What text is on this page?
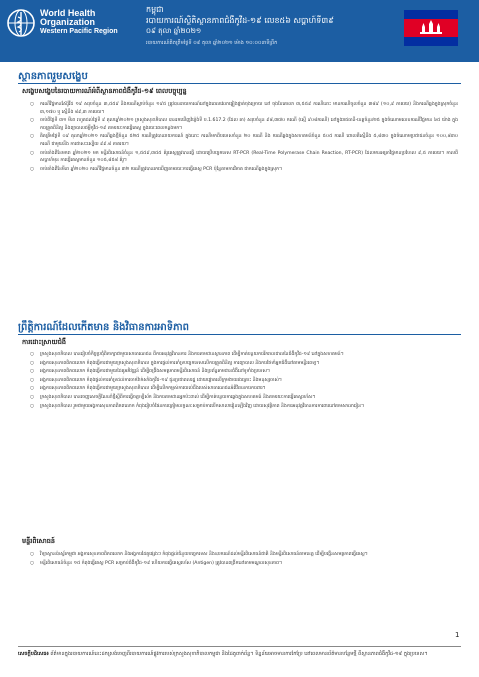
World Health
Organization
Western Pacific Region
កម្ពុជា
របាយការណ៍ស្ថិតិស្ថានភាពជំងឺកូវីដ-១៩ លេខ៥៦ សប្តាហ៍ទី៣៩
០៩ តុលា ឆ្នាំ២០២១
របាយការណ៍គិតត្រឹមថ្ងៃទី ០៩ តុលា ឆ្នាំ២០២១ ម៉ោង ១០:០០នាទីព្រឹក
ស្ថានភាពរួមសង្ខេប
សង្ខេបសង្ខេបនៃរបាយការណ៍អំពីស្ថានភាពជំងឺកូវីដ-១៩ ពេលបច្ចុប្បន្ន
○ ករណីវិជ្ជមានស៊ែរ៉ូវីដ ១៩ សរុបចំនួន ៣,៥៥៩ និងករណីស្លាប់ចំនួន ១៩៥ ត្រូវបានរាយការណ៍នៅក្នុងពេលវេលាផ្ទៀងផ្ទាត់ចុងក្រោយ នៅ ចុងខែតោលា ៣,៥៥៩ ករណីនោះ មានករណីចូលចំនួន ៣៨៩ (១០,៩ ភាគរយ) និងករណីឆ្លងក្នុងស្រុកចំនួន ៣,១៧០ ឬ ស្មើនឹង ៨៩,៣ ភាគរយ។
○ ចាប់ពីថ្ងៃទី ៣១ មីនា រហូតដល់ថ្ងៃទី ៩ តុលាឆ្នាំ២០២១ ក្រសួងសុខាភិបាល បានរកឃើញវ៉ារ្យ៉ង់ទី ប.1.617.2 (ដែល តា) សរុបចំនួន ៩៨,៣៧០ ករណី (ស្មើ ៩០៨ករណី) នៅក្នុងរាជធានី-ខេត្តចំនួន២៥ ក្នុងចំណោមលេខករណីវិជ្ជមាន ៦៥ យ៉ាង ក្នុង ការត្រួតពិនិត្យ និងព្យាបាលជម្ងឺកូវីដ-១៩ តាមរយៈការធ្វើតេស្ត ក្នុងរយៈពេលកន្លងមក។
○ គិតត្រឹមថ្ងៃទី ០៩ តុលាឆ្នាំ២០២១ ករណីឆ្លងថ្មីចំនួន ៥២៥ ករណីត្រូវបានរាយការណ៍ ក្នុងនោះ ករណីមកពីបរទេសចំនួន ២០ ករណី និង ករណីឆ្លងក្នុងសហគមន៍ចំនួន ៥០៥ ករណី ពោលគឺស្មើនឹង ៥,៨៣០ ក្នុងចំណោមប្រជាជនចំនួន ១០០,៨៣០ ករណី ជាមួយនឹង ការជាសះស្បើយ ៩៩.៨ ភាគរយ។
○ ចាប់តាំងពីខែមករា ឆ្នាំ២០២១ មក មន្ទីរពិសោធន៍ចំនួន ១,៥៥៩,៣៥៥ គំរូតេស្តត្រូវបានធ្វើ ដោយប្រើបច្ចេកទេស RT-PCR (Real-Time Polymerase Chain Reaction, RT-PCR) ដែលមានអត្រាវិជ្ជមានប្រហែល ៩,៥ ភាគរយ។ កាលពីសប្តាហ៍មុន ការធ្វើតេស្តមានចំនួន ១០៥,៨៥៨ គំរូ។
○ ចាប់តាំងពីខែមីនា ឆ្នាំ២០២០ ករណីវិជ្ជមានចំនួន ៣២ ករណីត្រូវបានរកឃើញតាមរយៈការធ្វើតេស្ត PCR ប៉ុន្តែតាមការវិភាគ ជាករណីឆ្លងក្នុងស្រុក។
ព្រឹត្តិការណ៍ដែលកើតមាន និងវិធានការអាទិភាព
ការដោះស្រាយជំងឺ
○ ក្រសួងសុខាភិបាល បានរៀបចំកិច្ចប្រជុំពិភាក្សាជាមួយសាធារណជន ពីការអនុវត្តវិធានការ និងការតាមដានស្ថានភាព ដើម្បីកាត់បន្ថយការរីករាលដាលនៃជំងឺកូវីដ-១៩ នៅក្នុងសហគមន៍។
○ អង្គការសុខភាពពិភពលោក កំពុងធ្វើការជាមួយក្រសួងសុខាភិបាល ក្នុងការផ្តល់ការគាំទ្របច្ចេកទេសលើការត្រួតពិនិត្យ ការព្យាបាល និងការថែទាំអ្នកជំងឺនៅតាមមន្ទីរពេទ្យ។
○ អង្គការសុខភាពពិភពលោក កំពុងធ្វើការជាមួយដៃគូអភិវឌ្ឍន៍ ដើម្បីពង្រឹងសមត្ថភាពមន្ទីរពិសោធន៍ និងប្រព័ន្ធតាមដានជំងឺនៅទូទាំងប្រទេស។
○ អង្គការសុខភាពពិភពលោក កំពុងផ្តល់ការគាំទ្រដល់ការចាក់វ៉ាក់សាំងកូវីដ-១៩ ជូនប្រជាពលរដ្ឋ ដោយផ្តោតលើក្រុមងាយរងគ្រោះ និងមនុស្សចាស់។
○ អង្គការសុខភាពពិភពលោក កំពុងធ្វើការជាមួយក្រសួងសុខាភិបាល ដើម្បីលើកកម្ពស់ការយល់ដឹងរបស់សាធារណជនអំពីវិធានការការពារ។
○ ក្រសួងសុខាភិបាល បានចេញសេចក្តីណែនាំថ្មីស្តីពីការធ្វើចត្តាឡីស័ក និងការតាមដានអ្នកប៉ះពាល់ ដើម្បីកាត់បន្ថយការឆ្លងក្នុងសហគមន៍ និងតាមរយៈការធ្វើតេស្តរហ័ស។
○ ក្រសួងសុខាភិបាល រួមជាមួយអង្គការសុខភាពពិភពលោក កំពុងរៀបចំផែនការត្រៀមលក្ខណៈសម្រាប់ការបើកសាលារៀនឡើងវិញ ដោយសុវត្ថិភាព និងការអនុវត្តវិធានការការពារនៅតាមសាលារៀន។
មន្ទីរពិសោធន៍
○ វិទ្យាស្ថានប៉ាស្ទ័រកម្ពុជា អង្គការសុខភាពពិភពលោក និងអង្គការដៃគូផ្សេងៗ កំពុងផ្តល់ជំនួយបច្ចេកទេស និងឧបករណ៍ដល់មន្ទីរពិសោធន៍ជាតិ និងមន្ទីរពិសោធន៍តាមខេត្ត ដើម្បីបង្កើនសមត្ថភាពធ្វើតេស្ត។
○ មន្ទីរពិសោធន៍ចំនួន ១៥ កំពុងធ្វើតេស្ត PCR សម្រាប់ជំងឺកូវីដ-១៩ ហើយការធ្វើតេស្តរហ័ស (Antigen) ត្រូវបានពង្រីកនៅតាមមណ្ឌលសុខភាព។
1
សេចក្តីបដិសេធ៖ ព័ត៌មានក្នុងរបាយការណ៍នេះដកស្រង់ចេញពីរបាយការណ៍ផ្លូវការរបស់ក្រសួងសុខាភិបាលកម្ពុជា និងដៃគូពាក់ព័ន្ធ។ ទិន្នន័យអាចមានការកែប្រែ នៅពេលមានព័ត៌មានបន្ថែមថ្មី ពីស្ថានភាពជំងឺកូវីដ-១៩ ក្នុងប្រទេស។
